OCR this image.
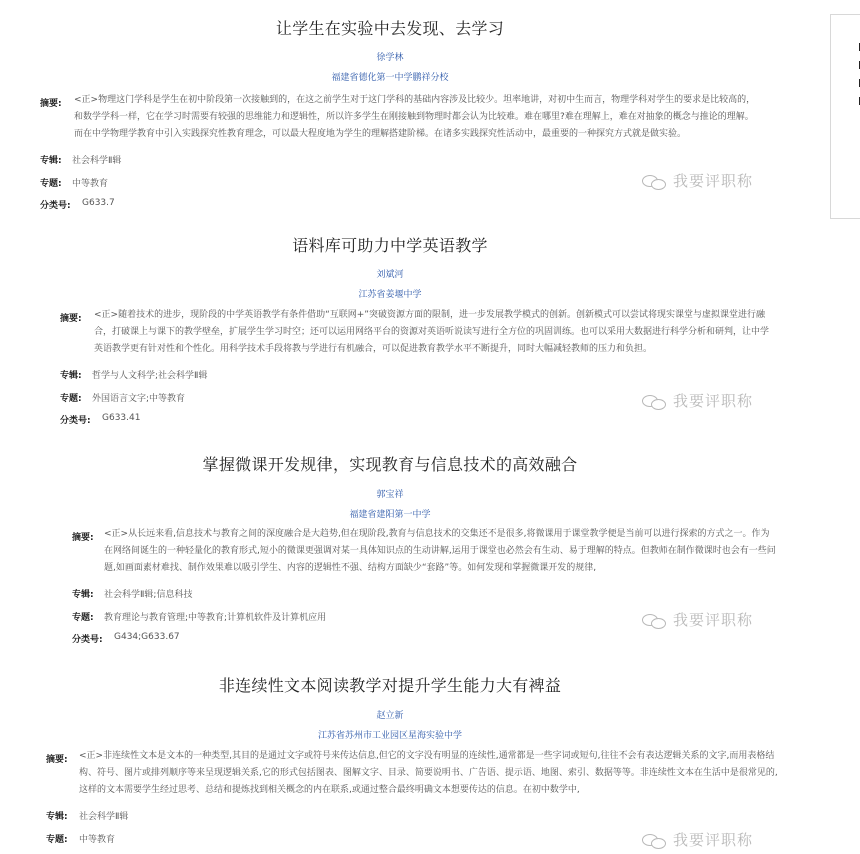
让学生在实验中去发现、去学习
徐学林
福建省德化第一中学鹏祥分校
摘要: <正>物理这门学科是学生在初中阶段第一次接触到的，在这之前学生对于这门学科的基础内容涉及比较少。坦率地讲，对初中生而言，物理学科对学生的要求是比较高的，和数学学科一样，它在学习时需要有较强的思维能力和逻辑性，所以许多学生在刚接触到物理时都会认为比较难。难在哪里?难在理解上，难在对抽象的概念与推论的理解。而在中学物理学教育中引入实践探究性教育理念，可以最大程度地为学生的理解搭建阶梯。在诸多实践探究性活动中，最重要的一种探究方式就是做实验。
专辑: 社会科学Ⅱ辑
专题: 中等教育
分类号: G633.7
我要评职称
语料库可助力中学英语教学
刘斌河
江苏省姜堰中学
摘要: <正>随着技术的进步，现阶段的中学英语教学有条件借助“互联网+”突破资源方面的限制，进一步发展教学模式的创新。创新模式可以尝试将现实课堂与虚拟课堂进行融合，打破课上与课下的教学壁垒，扩展学生学习时空；还可以运用网络平台的资源对英语听说读写进行全方位的巩固训练。也可以采用大数据进行科学分析和研判，让中学英语教学更有针对性和个性化。用科学技术手段将教与学进行有机融合，可以促进教育教学水平不断提升，同时大幅减轻教师的压力和负担。
专辑: 哲学与人文科学;社会科学Ⅱ辑
专题: 外国语言文字;中等教育
分类号: G633.41
我要评职称
掌握微课开发规律，实现教育与信息技术的高效融合
郭宝祥
福建省建阳第一中学
摘要: <正>从长远来看,信息技术与教育之间的深度融合是大趋势,但在现阶段,教育与信息技术的交集还不是很多,将微课用于课堂教学便是当前可以进行探索的方式之一。作为在网络间诞生的一种轻量化的教育形式,短小的微课更强调对某一具体知识点的生动讲解,运用于课堂也必然会有生动、易于理解的特点。但教师在制作微课时也会有一些问题,如画面素材难找、制作效果难以吸引学生、内容的逻辑性不强、结构方面缺少“套路”等。如何发现和掌握微课开发的规律,
专辑: 社会科学Ⅱ辑;信息科技
专题: 教育理论与教育管理;中等教育;计算机软件及计算机应用
分类号: G434;G633.67
我要评职称
非连续性文本阅读教学对提升学生能力大有裨益
赵立新
江苏省苏州市工业园区星海实验中学
摘要: <正>非连续性文本是文本的一种类型,其目的是通过文字或符号来传达信息,但它的文字没有明显的连续性,通常都是一些字词或短句,往往不会有表达逻辑关系的文字,而用表格结构、符号、图片或排列顺序等来呈现逻辑关系,它的形式包括图表、图解文字、目录、简要说明书、广告语、提示语、地图、索引、数据等等。非连续性文本在生活中是很常见的,这样的文本需要学生经过思考、总结和提炼找到相关概念的内在联系,或通过整合最终明确文本想要传达的信息。在初中数学中,
专辑: 社会科学Ⅱ辑
专题: 中等教育	我要评职称
